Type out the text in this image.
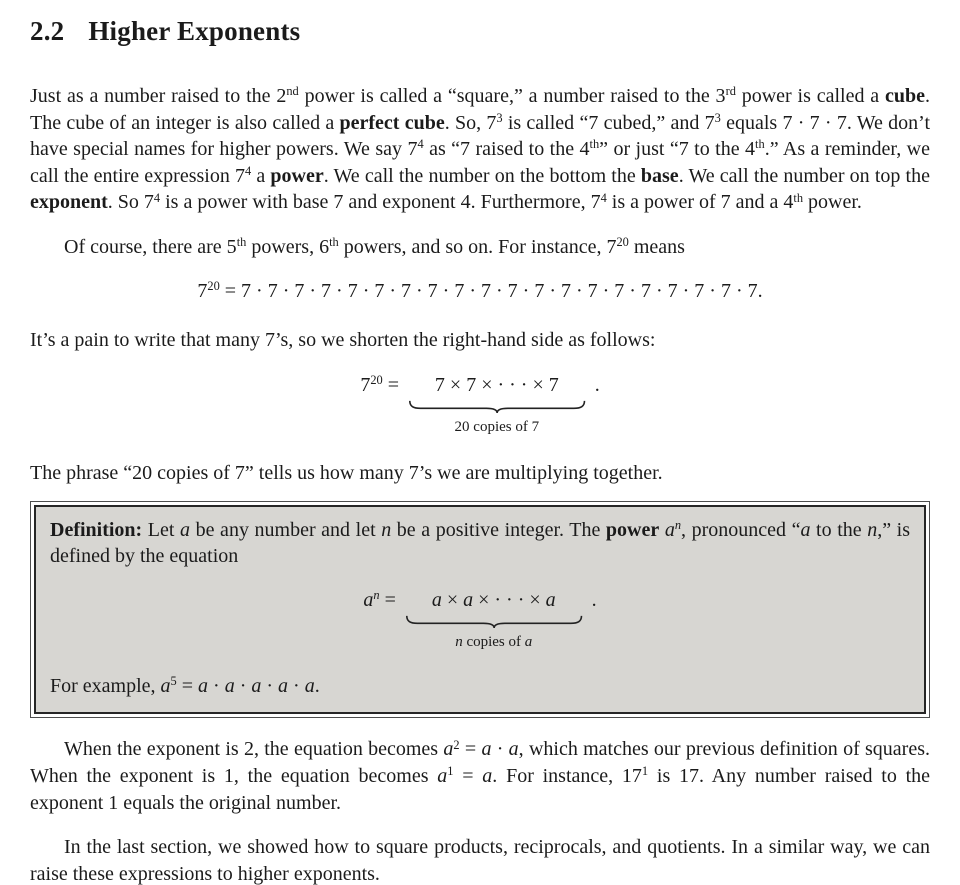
2.2 Higher Exponents

Just as a number raised to the 2nd power is called a “square,” a number raised to the 3rd power is called a cube. The cube of an integer is also called a perfect cube. So, $7^3$ is called “7 cubed,” and $7^3$ equals 7 · 7 · 7. We don’t have special names for higher powers. We say $7^4$ as “7 raised to the 4th” or just “7 to the 4th.” As a reminder, we call the entire expression $7^4$ a power. We call the number on the bottom the base. We call the number on top the exponent. So $7^4$ is a power with base 7 and exponent 4. Furthermore, $7^4$ is a power of 7 and a 4th power.

Of course, there are 5th powers, 6th powers, and so on. For instance, $7^{20}$ means

$7^{20} = 7 \cdot 7 \cdot 7 \cdot 7 \cdot 7 \cdot 7 \cdot 7 \cdot 7 \cdot 7 \cdot 7 \cdot 7 \cdot 7 \cdot 7 \cdot 7 \cdot 7 \cdot 7 \cdot 7 \cdot 7 \cdot 7 \cdot 7$.

It’s a pain to write that many 7’s, so we shorten the right-hand side as follows:

$7^{20} = 7 \times 7$ × · · · × 7
20 copies of 7
.

The phrase “20 copies of 7” tells us how many 7’s we are multiplying together.

Definition: Let a be any number and let n be a positive integer. The power $a^n$, pronounced “a to the n,” is defined by the equation

$a^n = a \times a$ × · · · × a
n copies of a
.

For example, $a^5 = a \cdot a \cdot a \cdot a \cdot a$.

When the exponent is 2, the equation becomes $a^2 = a \cdot a$, which matches our previous definition of squares. When the exponent is 1, the equation becomes $a^1 = a$. For instance, $17^1$ is 17. Any number raised to the exponent 1 equals the original number.

In the last section, we showed how to square products, reciprocals, and quotients. In a similar way, we can raise these expressions to higher exponents.
